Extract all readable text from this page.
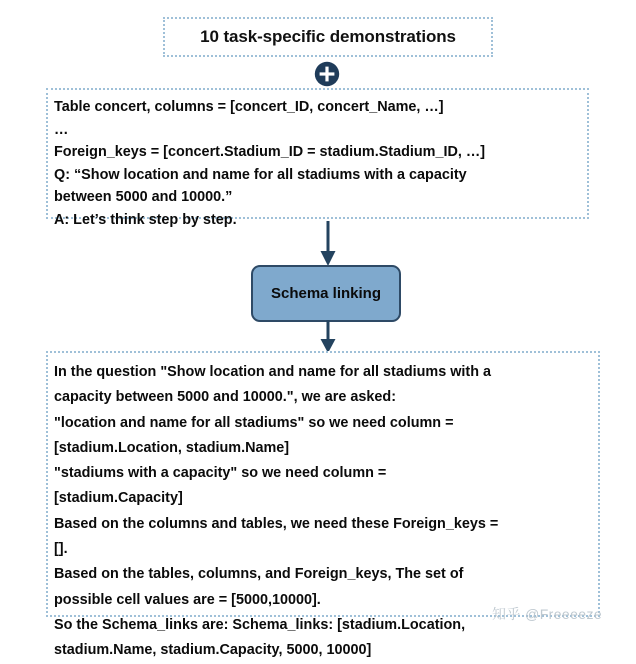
10 task-specific demonstrations
Table concert, columns = [concert_ID, concert_Name, …]
…
Foreign_keys = [concert.Stadium_ID = stadium.Stadium_ID, …]
Q: “Show location and name for all stadiums with a capacity
between 5000 and 10000.”
A: Let’s think step by step.
Schema linking
In the question "Show location and name for all stadiums with a
capacity between 5000 and 10000.", we are asked:
"location and name for all stadiums" so we need column =
[stadium.Location, stadium.Name]
"stadiums with a capacity" so we need column =
[stadium.Capacity]
Based on the columns and tables, we need these Foreign_keys =
[].
Based on the tables, columns, and Foreign_keys, The set of
possible cell values are = [5000,10000].
So the Schema_links are: Schema_links: [stadium.Location,
stadium.Name, stadium.Capacity, 5000, 10000]
知乎 @Freeeeze
